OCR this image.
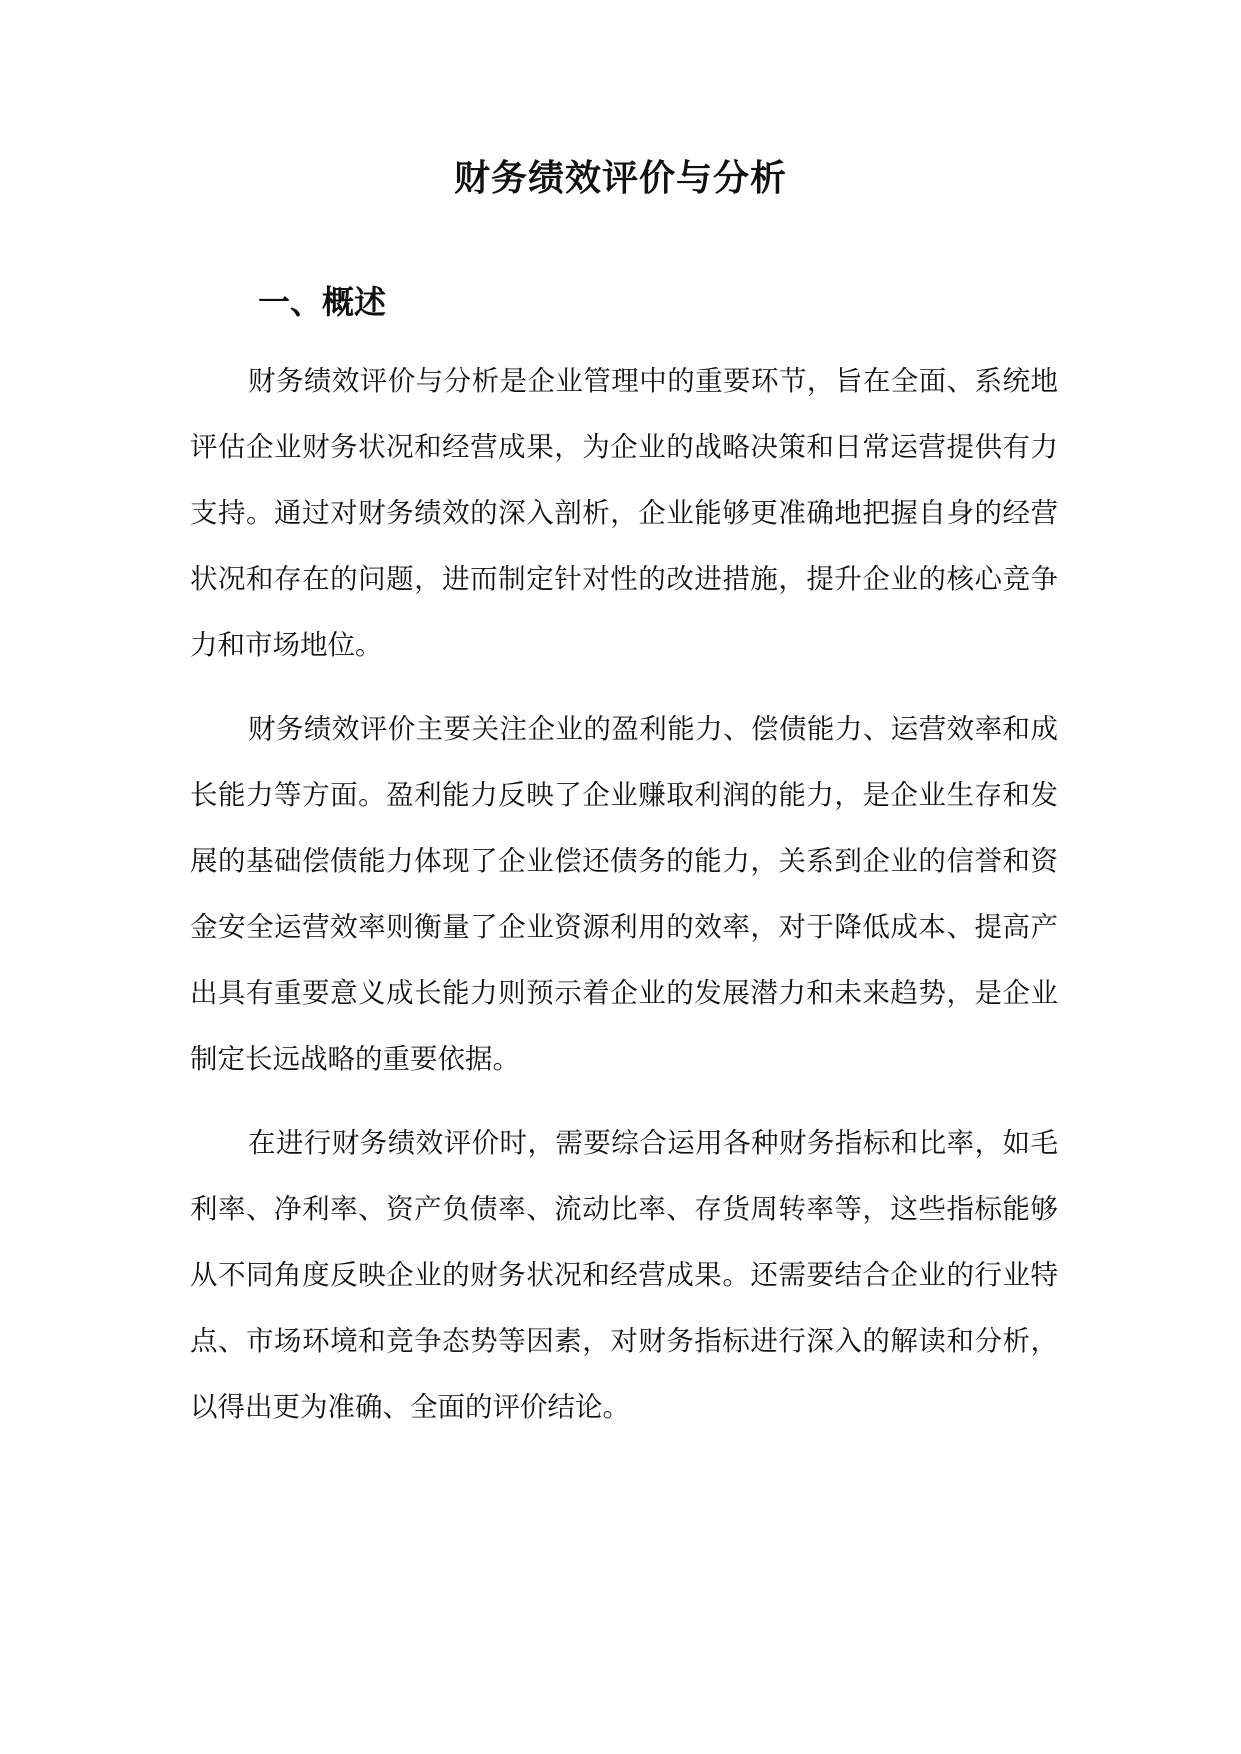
财务绩效评价与分析
一、概述

财务绩效评价与分析是企业管理中的重要环节，旨在全面、系统地评估企业财务状况和经营成果，为企业的战略决策和日常运营提供有力支持。通过对财务绩效的深入剖析，企业能够更准确地把握自身的经营状况和存在的问题，进而制定针对性的改进措施，提升企业的核心竞争力和市场地位。

财务绩效评价主要关注企业的盈利能力、偿债能力、运营效率和成长能力等方面。盈利能力反映了企业赚取利润的能力，是企业生存和发展的基础偿债能力体现了企业偿还债务的能力，关系到企业的信誉和资金安全运营效率则衡量了企业资源利用的效率，对于降低成本、提高产出具有重要意义成长能力则预示着企业的发展潜力和未来趋势，是企业制定长远战略的重要依据。

在进行财务绩效评价时，需要综合运用各种财务指标和比率，如毛利率、净利率、资产负债率、流动比率、存货周转率等，这些指标能够从不同角度反映企业的财务状况和经营成果。还需要结合企业的行业特点、市场环境和竞争态势等因素，对财务指标进行深入的解读和分析，以得出更为准确、全面的评价结论。
